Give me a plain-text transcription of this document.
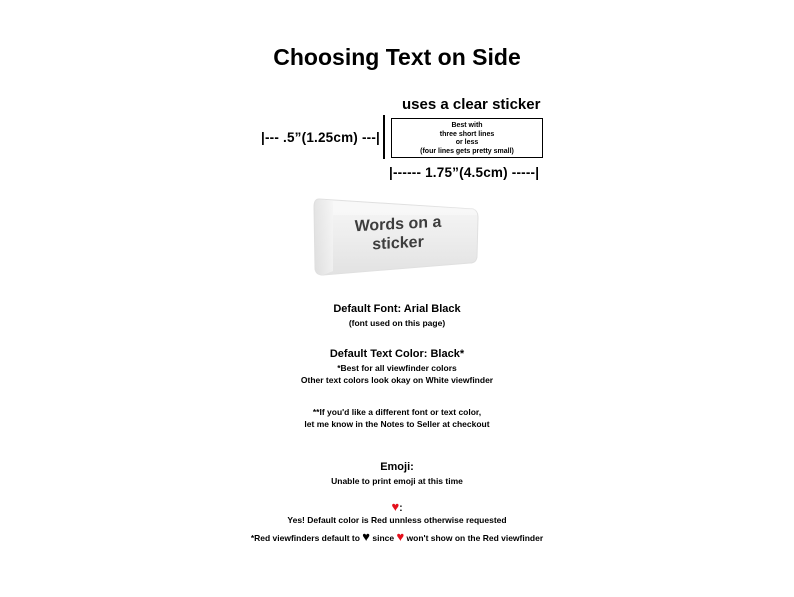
Choosing Text on Side
uses a clear sticker
|--- .5”(1.25cm) ---|
Best with
three short lines
or less
(four lines gets pretty small)
|------ 1.75”(4.5cm) -----|
Words on a
sticker
Default Font: Arial Black
(font used on this page)
Default Text Color: Black*
*Best for all viewfinder colors
Other text colors look okay on White viewfinder
**If you'd like a different font or text color,
let me know in the Notes to Seller at checkout
Emoji:
Unable to print emoji at this time
♥:
Yes! Default color is Red unnless otherwise requested
*Red viewfinders default to ♥ since ♥ won't show on the Red viewfinder
